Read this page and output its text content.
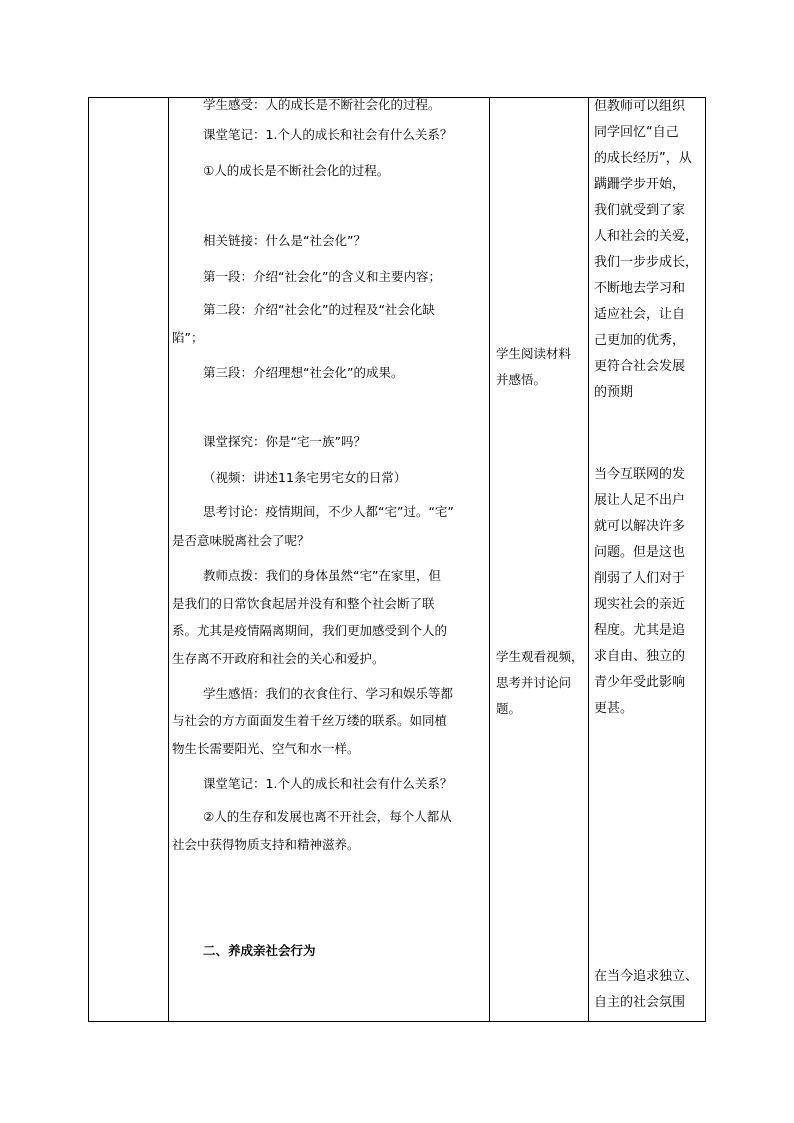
学生感受：人的成长是不断社会化的过程。
课堂笔记：1.个人的成长和社会有什么关系？
①人的成长是不断社会化的过程。
相关链接：什么是“社会化”？
第一段：介绍“社会化”的含义和主要内容；
第二段：介绍“社会化”的过程及“社会化缺
陷”；
第三段：介绍理想“社会化”的成果。
课堂探究：你是“宅一族”吗？
（视频：讲述11条宅男宅女的日常）
思考讨论：疫情期间，不少人都“宅”过。“宅”
是否意味脱离社会了呢？
教师点拨：我们的身体虽然“宅”在家里，但
是我们的日常饮食起居并没有和整个社会断了联
系。尤其是疫情隔离期间，我们更加感受到个人的
生存离不开政府和社会的关心和爱护。
学生感悟：我们的衣食住行、学习和娱乐等都
与社会的方方面面发生着千丝万缕的联系。如同植
物生长需要阳光、空气和水一样。
课堂笔记：1.个人的成长和社会有什么关系？
②人的生存和发展也离不开社会，每个人都从
社会中获得物质支持和精神滋养。
二、养成亲社会行为
学生阅读材料
并感悟。
学生观看视频，
思考并讨论问
题。
但教师可以组织
同学回忆“自己
的成长经历”，从
蹒跚学步开始，
我们就受到了家
人和社会的关爱，
我们一步步成长，
不断地去学习和
适应社会，让自
己更加的优秀，
更符合社会发展
的预期
当今互联网的发
展让人足不出户
就可以解决许多
问题。但是这也
削弱了人们对于
现实社会的亲近
程度。尤其是追
求自由、独立的
青少年受此影响
更甚。
在当今追求独立、
自主的社会氛围
